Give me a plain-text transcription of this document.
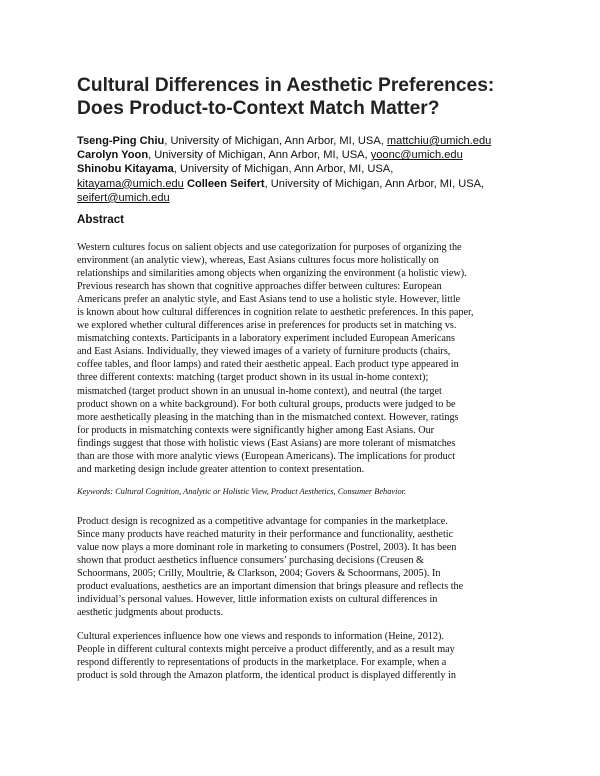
Cultural Differences in Aesthetic Preferences:
Does Product-to-Context Match Matter?
Tseng-Ping Chiu, University of Michigan, Ann Arbor, MI, USA, mattchiu@umich.edu
Carolyn Yoon, University of Michigan, Ann Arbor, MI, USA, yoonc@umich.edu
Shinobu Kitayama, University of Michigan, Ann Arbor, MI, USA,
kitayama@umich.edu Colleen Seifert, University of Michigan, Ann Arbor, MI, USA,
seifert@umich.edu
Abstract

Western cultures focus on salient objects and use categorization for purposes of organizing the
environment (an analytic view), whereas, East Asians cultures focus more holistically on
relationships and similarities among objects when organizing the environment (a holistic view).
Previous research has shown that cognitive approaches differ between cultures: European
Americans prefer an analytic style, and East Asians tend to use a holistic style. However, little
is known about how cultural differences in cognition relate to aesthetic preferences. In this paper,
we explored whether cultural differences arise in preferences for products set in matching vs.
mismatching contexts. Participants in a laboratory experiment included European Americans
and East Asians. Individually, they viewed images of a variety of furniture products (chairs,
coffee tables, and floor lamps) and rated their aesthetic appeal. Each product type appeared in
three different contexts: matching (target product shown in its usual in-home context);
mismatched (target product shown in an unusual in-home context), and neutral (the target
product shown on a white background). For both cultural groups, products were judged to be
more aesthetically pleasing in the matching than in the mismatched context. However, ratings
for products in mismatching contexts were significantly higher among East Asians. Our
findings suggest that those with holistic views (East Asians) are more tolerant of mismatches
than are those with more analytic views (European Americans). The implications for product
and marketing design include greater attention to context presentation.

Keywords: Cultural Cognition, Analytic or Holistic View, Product Aesthetics, Consumer Behavior.

Product design is recognized as a competitive advantage for companies in the marketplace.
Since many products have reached maturity in their performance and functionality, aesthetic
value now plays a more dominant role in marketing to consumers (Postrel, 2003). It has been
shown that product aesthetics influence consumers’ purchasing decisions (Creusen &
Schoormans, 2005; Crilly, Moultrie, & Clarkson, 2004; Govers & Schoormans, 2005). In
product evaluations, aesthetics are an important dimension that brings pleasure and reflects the
individual’s personal values. However, little information exists on cultural differences in
aesthetic judgments about products.

Cultural experiences influence how one views and responds to information (Heine, 2012).
People in different cultural contexts might perceive a product differently, and as a result may
respond differently to representations of products in the marketplace. For example, when a
product is sold through the Amazon platform, the identical product is displayed differently in
